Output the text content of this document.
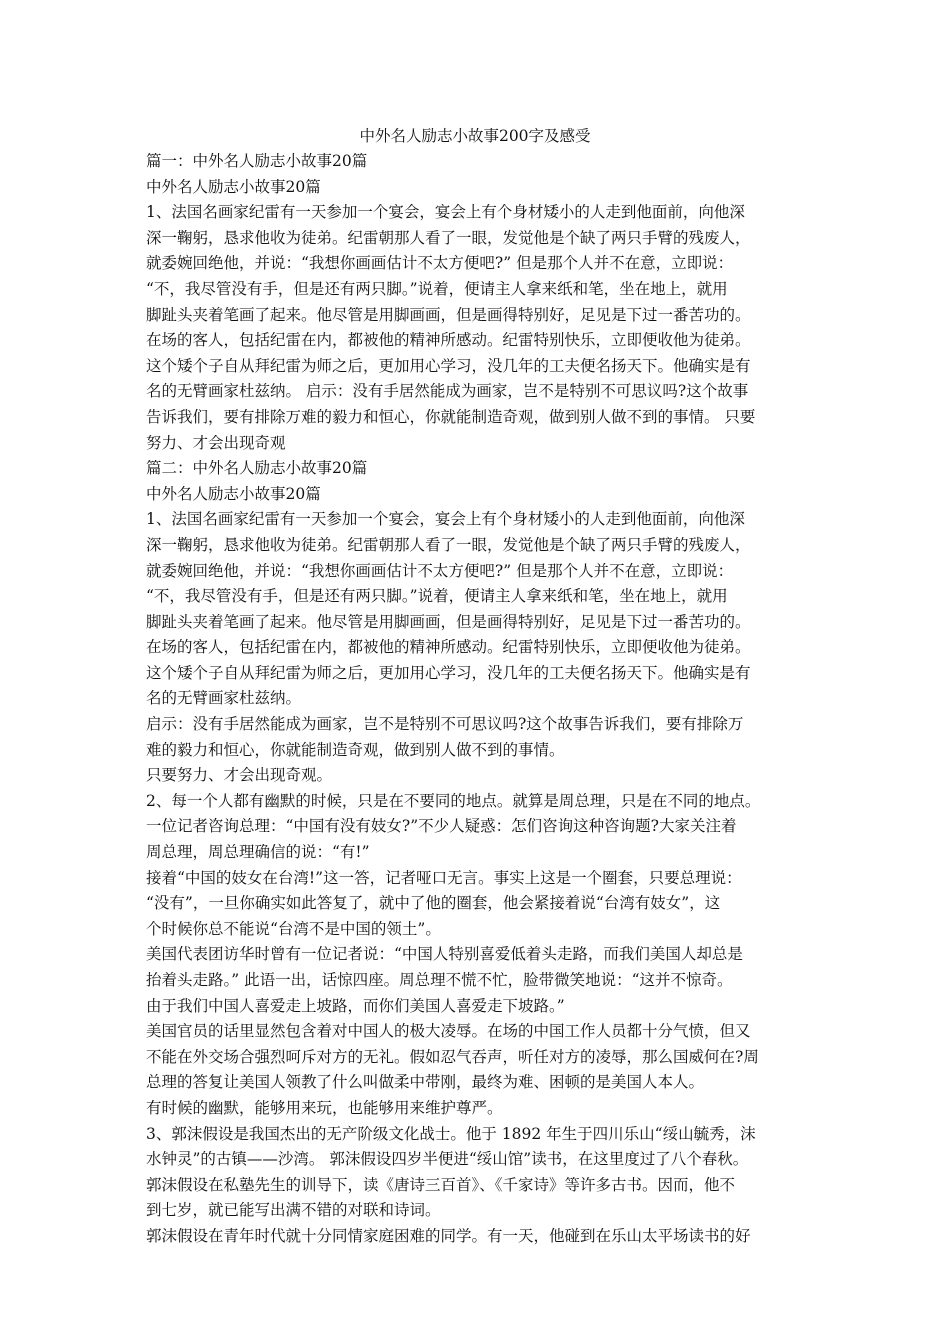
中外名人励志小故事200字及感受
篇一：中外名人励志小故事20篇
中外名人励志小故事20篇
1、法国名画家纪雷有一天参加一个宴会，宴会上有个身材矮小的人走到他面前，向他深
深一鞠躬，恳求他收为徒弟。纪雷朝那人看了一眼，发觉他是个缺了两只手臂的残废人，
就委婉回绝他，并说：“我想你画画估计不太方便吧?” 但是那个人并不在意，立即说：
“不，我尽管没有手，但是还有两只脚。”说着，便请主人拿来纸和笔，坐在地上，就用
脚趾头夹着笔画了起来。他尽管是用脚画画，但是画得特别好，足见是下过一番苦功的。
在场的客人，包括纪雷在内，都被他的精神所感动。纪雷特别快乐，立即便收他为徒弟。
这个矮个子自从拜纪雷为师之后，更加用心学习，没几年的工夫便名扬天下。他确实是有
名的无臂画家杜兹纳。 启示：没有手居然能成为画家，岂不是特别不可思议吗?这个故事
告诉我们，要有排除万难的毅力和恒心，你就能制造奇观，做到别人做不到的事情。 只要
努力、才会出现奇观
篇二：中外名人励志小故事20篇
中外名人励志小故事20篇
1、法国名画家纪雷有一天参加一个宴会，宴会上有个身材矮小的人走到他面前，向他深
深一鞠躬，恳求他收为徒弟。纪雷朝那人看了一眼，发觉他是个缺了两只手臂的残废人，
就委婉回绝他，并说：“我想你画画估计不太方便吧?” 但是那个人并不在意，立即说：
“不，我尽管没有手，但是还有两只脚。”说着，便请主人拿来纸和笔，坐在地上，就用
脚趾头夹着笔画了起来。他尽管是用脚画画，但是画得特别好，足见是下过一番苦功的。
在场的客人，包括纪雷在内，都被他的精神所感动。纪雷特别快乐，立即便收他为徒弟。
这个矮个子自从拜纪雷为师之后，更加用心学习，没几年的工夫便名扬天下。他确实是有
名的无臂画家杜兹纳。
启示：没有手居然能成为画家，岂不是特别不可思议吗?这个故事告诉我们，要有排除万
难的毅力和恒心，你就能制造奇观，做到别人做不到的事情。
只要努力、才会出现奇观。
2、每一个人都有幽默的时候，只是在不要同的地点。就算是周总理，只是在不同的地点。
一位记者咨询总理：“中国有没有妓女?”不少人疑惑：怎们咨询这种咨询题?大家关注着
周总理，周总理确信的说：“有!”
接着“中国的妓女在台湾!”这一答，记者哑口无言。事实上这是一个圈套，只要总理说：
“没有”，一旦你确实如此答复了，就中了他的圈套，他会紧接着说“台湾有妓女”，这
个时候你总不能说“台湾不是中国的领土”。
美国代表团访华时曾有一位记者说：“中国人特别喜爱低着头走路，而我们美国人却总是
抬着头走路。” 此语一出，话惊四座。周总理不慌不忙，脸带微笑地说：“这并不惊奇。
由于我们中国人喜爱走上坡路，而你们美国人喜爱走下坡路。”
美国官员的话里显然包含着对中国人的极大凌辱。在场的中国工作人员都十分气愤，但又
不能在外交场合强烈呵斥对方的无礼。假如忍气吞声，听任对方的凌辱，那么国威何在?周
总理的答复让美国人领教了什么叫做柔中带刚，最终为难、困顿的是美国人本人。
有时候的幽默，能够用来玩，也能够用来维护尊严。
3、郭沫假设是我国杰出的无产阶级文化战士。他于 1892 年生于四川乐山“绥山毓秀，沫
水钟灵”的古镇——沙湾。 郭沫假设四岁半便进“绥山馆”读书，在这里度过了八个春秋。
郭沫假设在私塾先生的训导下，读《唐诗三百首》、《千家诗》等许多古书。因而，他不
到七岁，就已能写出满不错的对联和诗词。
郭沫假设在青年时代就十分同情家庭困难的同学。有一天，他碰到在乐山太平场读书的好
